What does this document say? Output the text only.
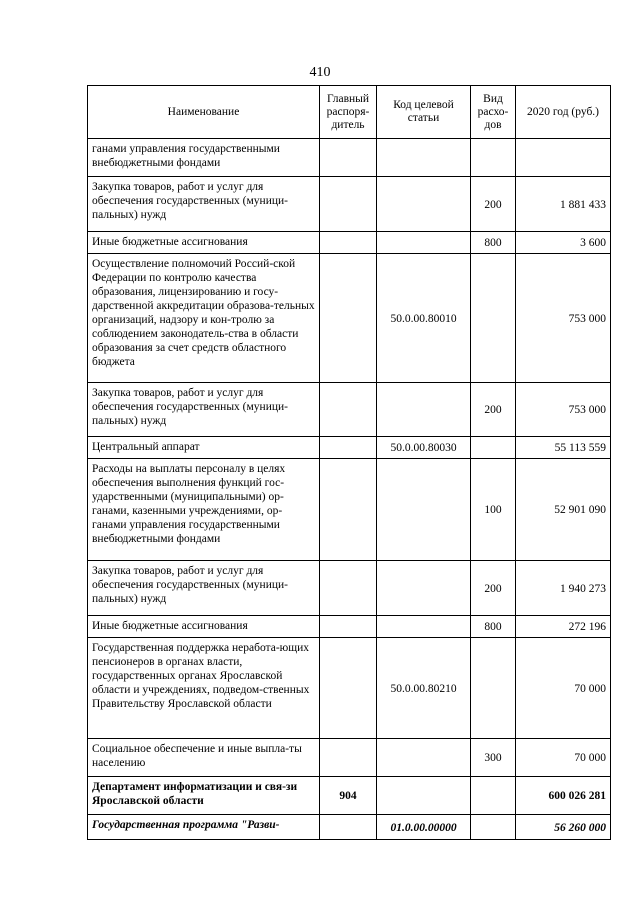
410
Наименование	Главный распоря-дитель	Код целевой статьи	Вид расхо-дов	2020 год (руб.)
ганами управления государственными внебюджетными фондами				
Закупка товаров, работ и услуг для обеспечения государственных (муници-пальных) нужд			200	1 881 433
Иные бюджетные ассигнования			800	3 600
Осуществление полномочий Россий-ской Федерации по контролю качества образования, лицензированию и госу-дарственной аккредитации образова-тельных организаций, надзору и кон-тролю за соблюдением законодатель-ства в области образования за счет средств областного бюджета		50.0.00.80010		753 000
Закупка товаров, работ и услуг для обеспечения государственных (муници-пальных) нужд			200	753 000
Центральный аппарат		50.0.00.80030		55 113 559
Расходы на выплаты персоналу в целях обеспечения выполнения функций гос-ударственными (муниципальными) ор-ганами, казенными учреждениями, ор-ганами управления государственными внебюджетными фондами			100	52 901 090
Закупка товаров, работ и услуг для обеспечения государственных (муници-пальных) нужд			200	1 940 273
Иные бюджетные ассигнования			800	272 196
Государственная поддержка неработа-ющих пенсионеров в органах власти, государственных органах Ярославской области и учреждениях, подведом-ственных Правительству Ярославской области		50.0.00.80210		70 000
Социальное обеспечение и иные выпла-ты населению			300	70 000
Департамент информатизации и свя-зи Ярославской области	904			600 026 281
Государственная программа "Разви-		01.0.00.00000		56 260 000
